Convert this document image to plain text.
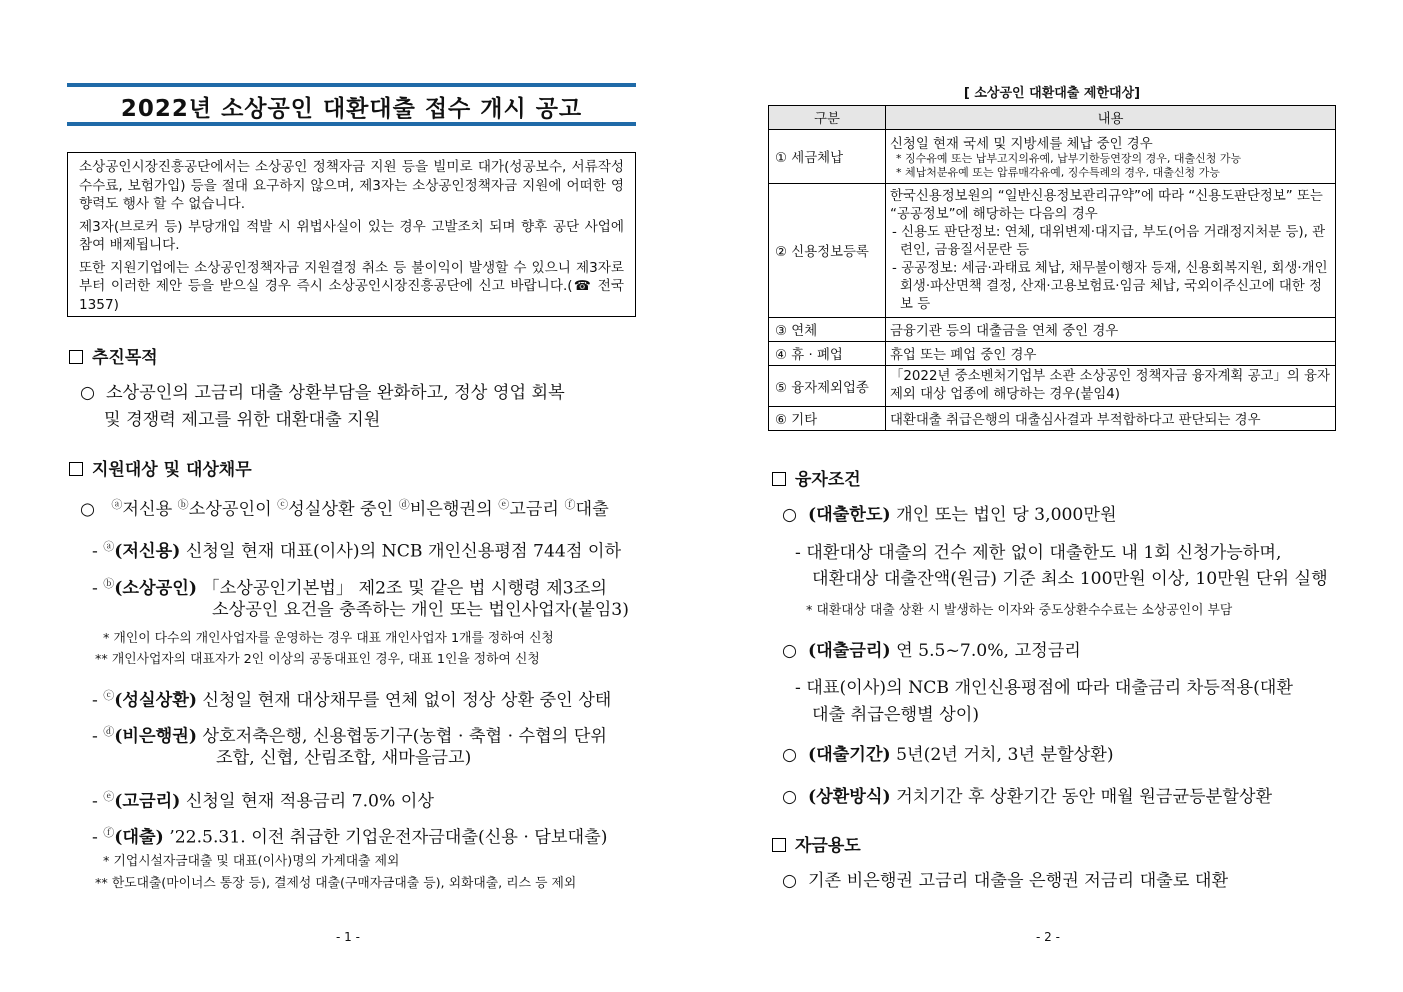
2022년 소상공인 대환대출 접수 개시 공고

소상공인시장진흥공단에서는 소상공인 정책자금 지원 등을 빌미로 대가(성공보수, 서류작성 수수료, 보험가입) 등을 절대 요구하지 않으며, 제3자는 소상공인정책자금 지원에 어떠한 영향력도 행사 할 수 없습니다.

제3자(브로커 등) 부당개입 적발 시 위법사실이 있는 경우 고발조치 되며 향후 공단 사업에 참여 배제됩니다.

또한 지원기업에는 소상공인정책자금 지원결정 취소 등 불이익이 발생할 수 있으니 제3자로부터 이러한 제안 등을 받으실 경우 즉시 소상공인시장진흥공단에 신고 바랍니다.(☎ 전국 1357)

추진목적
○ 소상공인의 고금리 대출 상환부담을 완화하고, 정상 영업 회복
및 경쟁력 제고를 위한 대환대출 지원
지원대상 및 대상채무
○ ⓐ저신용 ⓑ소상공인이 ⓒ성실상환 중인 ⓓ비은행권의 ⓔ고금리 ⓕ대출
- ⓐ(저신용) 신청일 현재 대표(이사)의 NCB 개인신용평점 744점 이하
- ⓑ(소상공인) 「소상공인기본법」 제2조 및 같은 법 시행령 제3조의
소상공인 요건을 충족하는 개인 또는 법인사업자(붙임3)
* 개인이 다수의 개인사업자를 운영하는 경우 대표 개인사업자 1개를 정하여 신청
** 개인사업자의 대표자가 2인 이상의 공동대표인 경우, 대표 1인을 정하여 신청
- ⓒ(성실상환) 신청일 현재 대상채무를 연체 없이 정상 상환 중인 상태
- ⓓ(비은행권) 상호저축은행, 신용협동기구(농협 · 축협 · 수협의 단위
조합, 신협, 산림조합, 새마을금고)
- ⓔ(고금리) 신청일 현재 적용금리 7.0% 이상
- ⓕ(대출) ’22.5.31. 이전 취급한 기업운전자금대출(신용 · 담보대출)
* 기업시설자금대출 및 대표(이사)명의 가계대출 제외
** 한도대출(마이너스 통장 등), 결제성 대출(구매자금대출 등), 외화대출, 리스 등 제외
- 1 -
[ 소상공인 대환대출 제한대상]
구분	내용
① 세금체납	신청일 현재 국세 및 지방세를 체납 중인 경우
* 징수유예 또는 납부고지의유예, 납부기한등연장의 경우, 대출신청 가능
* 체납처분유예 또는 압류매각유예, 징수특례의 경우, 대출신청 가능

② 신용정보등록	한국신용정보원의 “일반신용정보관리규약”에 따라 “신용도판단정보” 또는 “공공정보”에 해당하는 다음의 경우
- 신용도 판단정보: 연체, 대위변제·대지급, 부도(어음 거래정지처분 등), 관련인, 금융질서문란 등
- 공공정보: 세금·과태료 체납, 채무불이행자 등재, 신용회복지원, 회생·개인회생·파산면책 결정, 산재·고용보험료·임금 체납, 국외이주신고에 대한 정보 등

③ 연체	금융기관 등의 대출금을 연체 중인 경우
④ 휴 · 폐업	휴업 또는 폐업 중인 경우
⑤ 융자제외업종	「2022년 중소벤처기업부 소관 소상공인 정책자금 융자계획 공고」의 융자제외 대상 업종에 해당하는 경우(붙임4)
⑥ 기타	대환대출 취급은행의 대출심사결과 부적합하다고 판단되는 경우
융자조건
○ (대출한도) 개인 또는 법인 당 3,000만원
- 대환대상 대출의 건수 제한 없이 대출한도 내 1회 신청가능하며,
대환대상 대출잔액(원금) 기준 최소 100만원 이상, 10만원 단위 실행
* 대환대상 대출 상환 시 발생하는 이자와 중도상환수수료는 소상공인이 부담
○ (대출금리) 연 5.5~7.0%, 고정금리
- 대표(이사)의 NCB 개인신용평점에 따라 대출금리 차등적용(대환
대출 취급은행별 상이)
○ (대출기간) 5년(2년 거치, 3년 분할상환)
○ (상환방식) 거치기간 후 상환기간 동안 매월 원금균등분할상환
자금용도
○ 기존 비은행권 고금리 대출을 은행권 저금리 대출로 대환
- 2 -
